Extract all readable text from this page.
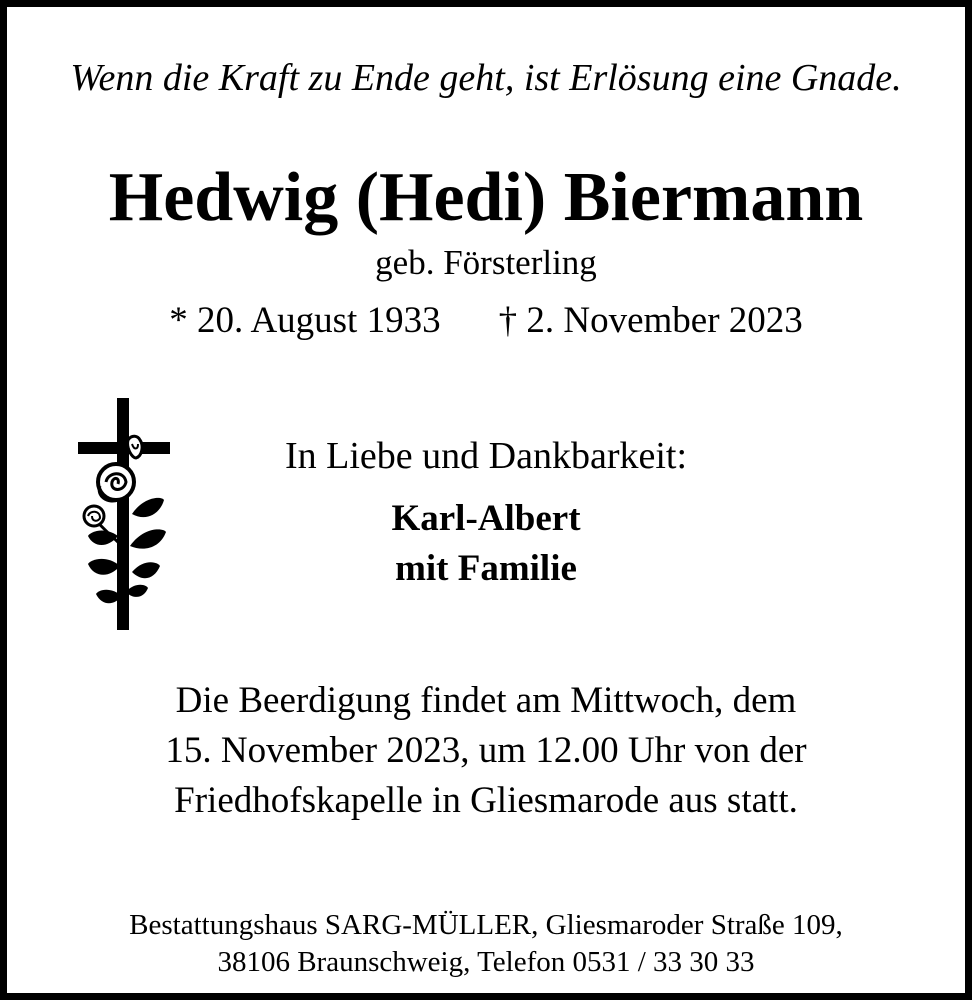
Wenn die Kraft zu Ende geht, ist Erlösung eine Gnade.

Hedwig (Hedi) Biermann

geb. Försterling

* 20. August 1933 † 2. November 2023

In Liebe und Dankbarkeit:

Karl-Albert

mit Familie

Die Beerdigung findet am Mittwoch, dem

15. November 2023, um 12.00 Uhr von der

Friedhofskapelle in Gliesmarode aus statt.

Bestattungshaus SARG-MÜLLER, Gliesmaroder Straße 109,

38106 Braunschweig, Telefon 0531 / 33 30 33
